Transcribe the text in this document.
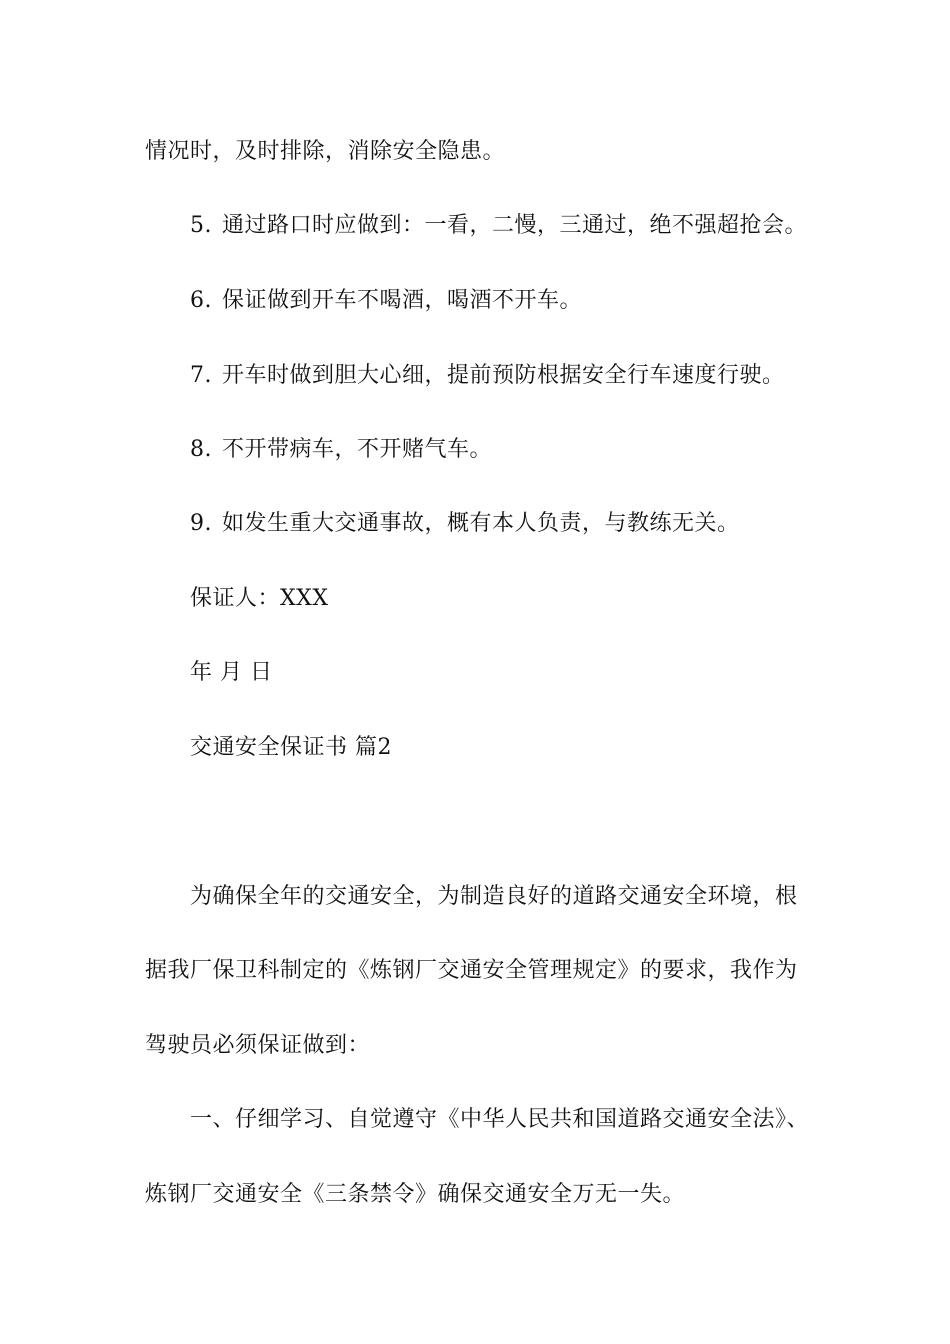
情况时，及时排除，消除安全隐患。

5. 通过路口时应做到：一看，二慢，三通过，绝不强超抢会。

6. 保证做到开车不喝酒，喝酒不开车。

7. 开车时做到胆大心细，提前预防根据安全行车速度行驶。

8. 不开带病车，不开赌气车。

9. 如发生重大交通事故，概有本人负责，与教练无关。

保证人：XXX

年 月 日

交通安全保证书 篇2

为确保全年的交通安全，为制造良好的道路交通安全环境，根

据我厂保卫科制定的《炼钢厂交通安全管理规定》的要求，我作为

驾驶员必须保证做到：

一、仔细学习、自觉遵守《中华人民共和国道路交通安全法》、

炼钢厂交通安全《三条禁令》确保交通安全万无一失。
